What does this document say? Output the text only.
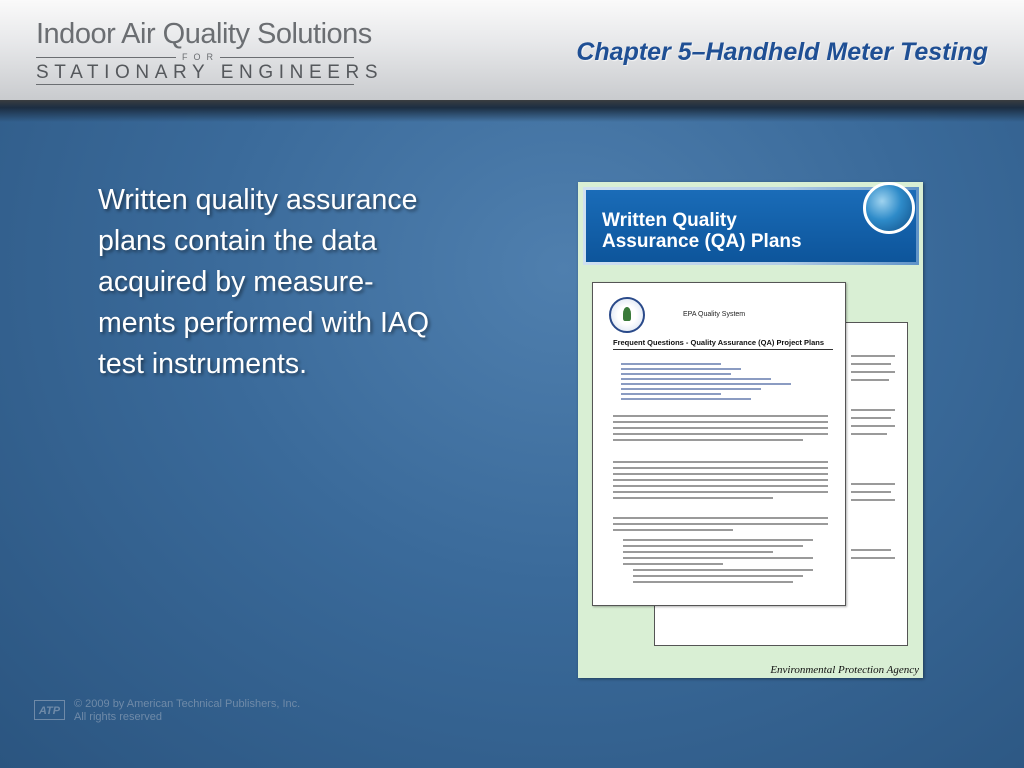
Indoor Air Quality Solutions
FOR
STATIONARY ENGINEERS
Chapter 5–Handheld Meter Testing
Written quality assurance
plans contain the data
acquired by measure-
ments performed with IAQ
test instruments.
Written Quality
Assurance (QA) Plans
EPA Quality System
Frequent Questions - Quality Assurance (QA) Project Plans
Environmental Protection Agency
ATP
© 2009 by American Technical Publishers, Inc.
All rights reserved
